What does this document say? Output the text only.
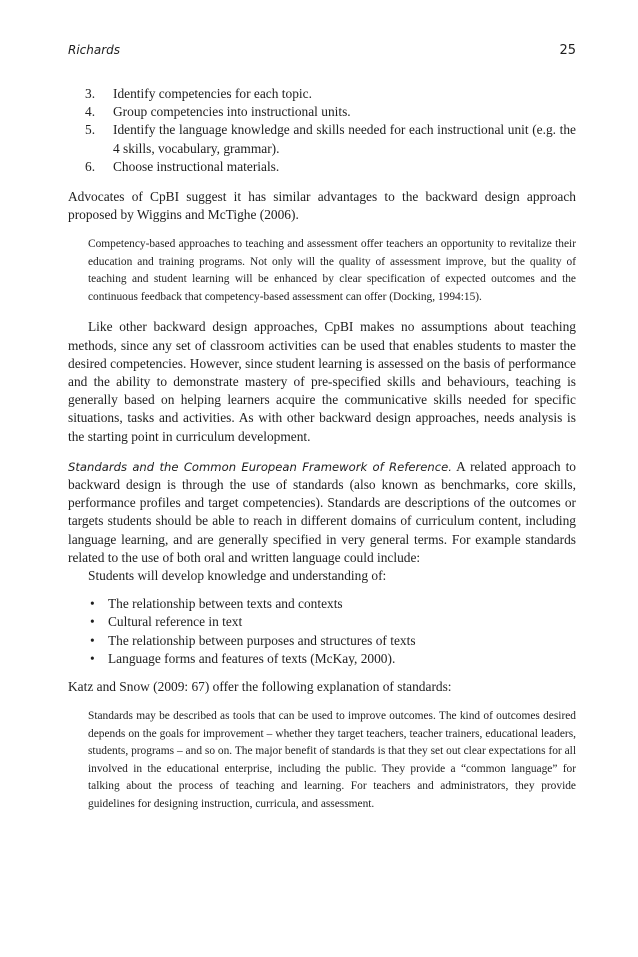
Richards	25
3. Identify competencies for each topic.
4. Group competencies into instructional units.
5. Identify the language knowledge and skills needed for each instructional unit (e.g. the 4 skills, vocabulary, grammar).
6. Choose instructional materials.

Advocates of CpBI suggest it has similar advantages to the backward design approach proposed by Wiggins and McTighe (2006).

Competency-based approaches to teaching and assessment offer teachers an opportunity to revitalize their education and training programs. Not only will the quality of assessment improve, but the quality of teaching and student learning will be enhanced by clear specification of expected outcomes and the continuous feedback that competency-based assessment can offer (Docking, 1994:15).

Like other backward design approaches, CpBI makes no assumptions about teaching methods, since any set of classroom activities can be used that enables students to master the desired competencies. However, since student learning is assessed on the basis of performance and the ability to demonstrate mastery of pre-specified skills and behaviours, teaching is generally based on helping learners acquire the communicative skills needed for specific situations, tasks and activities. As with other backward design approaches, needs analysis is the starting point in curriculum development.

Standards and the Common European Framework of Reference. A related approach to backward design is through the use of standards (also known as benchmarks, core skills, performance profiles and target competencies). Standards are descriptions of the outcomes or targets students should be able to reach in different domains of curriculum content, including language learning, and are generally specified in very general terms. For example standards related to the use of both oral and written language could include:

Students will develop knowledge and understanding of:

• The relationship between texts and contexts
• Cultural reference in text
• The relationship between purposes and structures of texts
• Language forms and features of texts (McKay, 2000).

Katz and Snow (2009: 67) offer the following explanation of standards:

Standards may be described as tools that can be used to improve outcomes. The kind of outcomes desired depends on the goals for improvement – whether they target teachers, teacher trainers, educational leaders, students, programs – and so on. The major benefit of standards is that they set out clear expectations for all involved in the educational enterprise, including the public. They provide a “common language” for talking about the process of teaching and learning. For teachers and administrators, they provide guidelines for designing instruction, curricula, and assessment.
